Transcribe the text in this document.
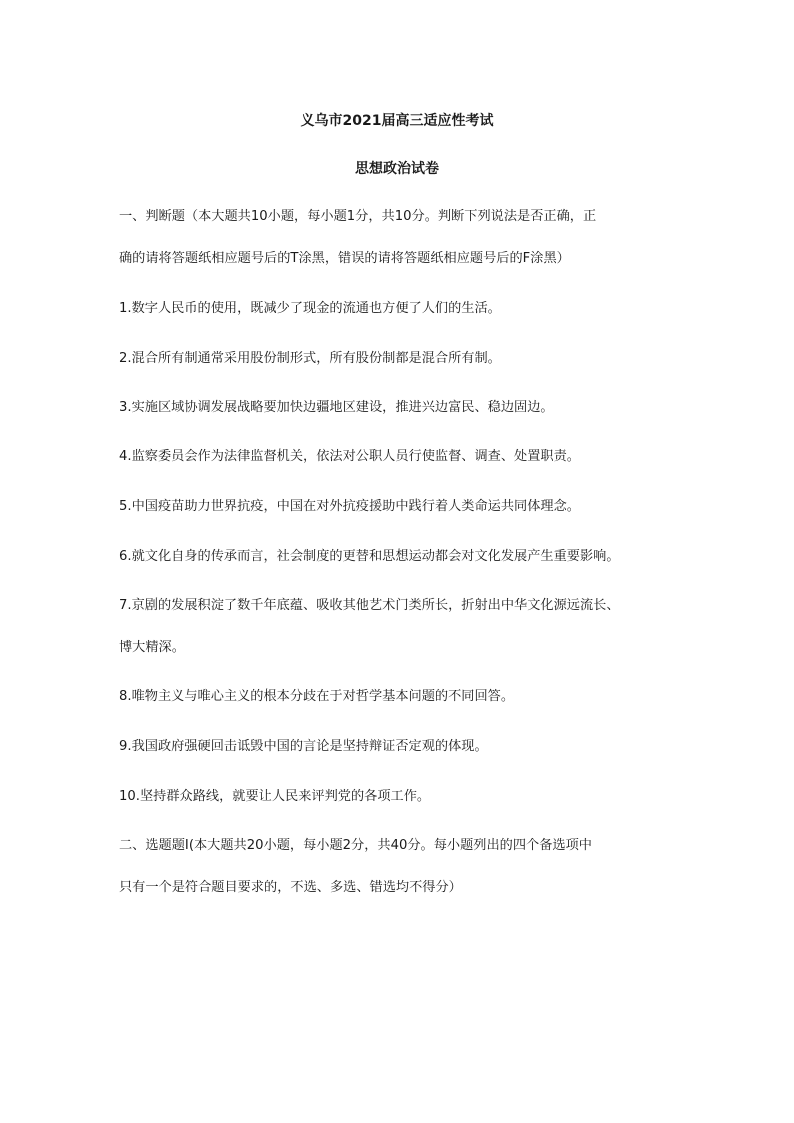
义乌市2021届高三适应性考试
思想政治试卷
一、判断题（本大题共10小题，每小题1分，共10分。判断下列说法是否正确，正
确的请将答题纸相应题号后的T涂黑，错误的请将答题纸相应题号后的F涂黑）
1.数字人民币的使用，既减少了现金的流通也方便了人们的生活。
2.混合所有制通常采用股份制形式，所有股份制都是混合所有制。
3.实施区域协调发展战略要加快边疆地区建设，推进兴边富民、稳边固边。
4.监察委员会作为法律监督机关，依法对公职人员行使监督、调查、处置职责。
5.中国疫苗助力世界抗疫，中国在对外抗疫援助中践行着人类命运共同体理念。
6.就文化自身的传承而言，社会制度的更替和思想运动都会对文化发展产生重要影响。
7.京剧的发展积淀了数千年底蕴、吸收其他艺术门类所长，折射出中华文化源远流长、
博大精深。
8.唯物主义与唯心主义的根本分歧在于对哲学基本问题的不同回答。
9.我国政府强硬回击诋毁中国的言论是坚持辩证否定观的体现。
10.坚持群众路线，就要让人民来评判党的各项工作。
二、选题题I(本大题共20小题，每小题2分，共40分。每小题列出的四个备选项中
只有一个是符合题目要求的，不选、多选、错选均不得分）
